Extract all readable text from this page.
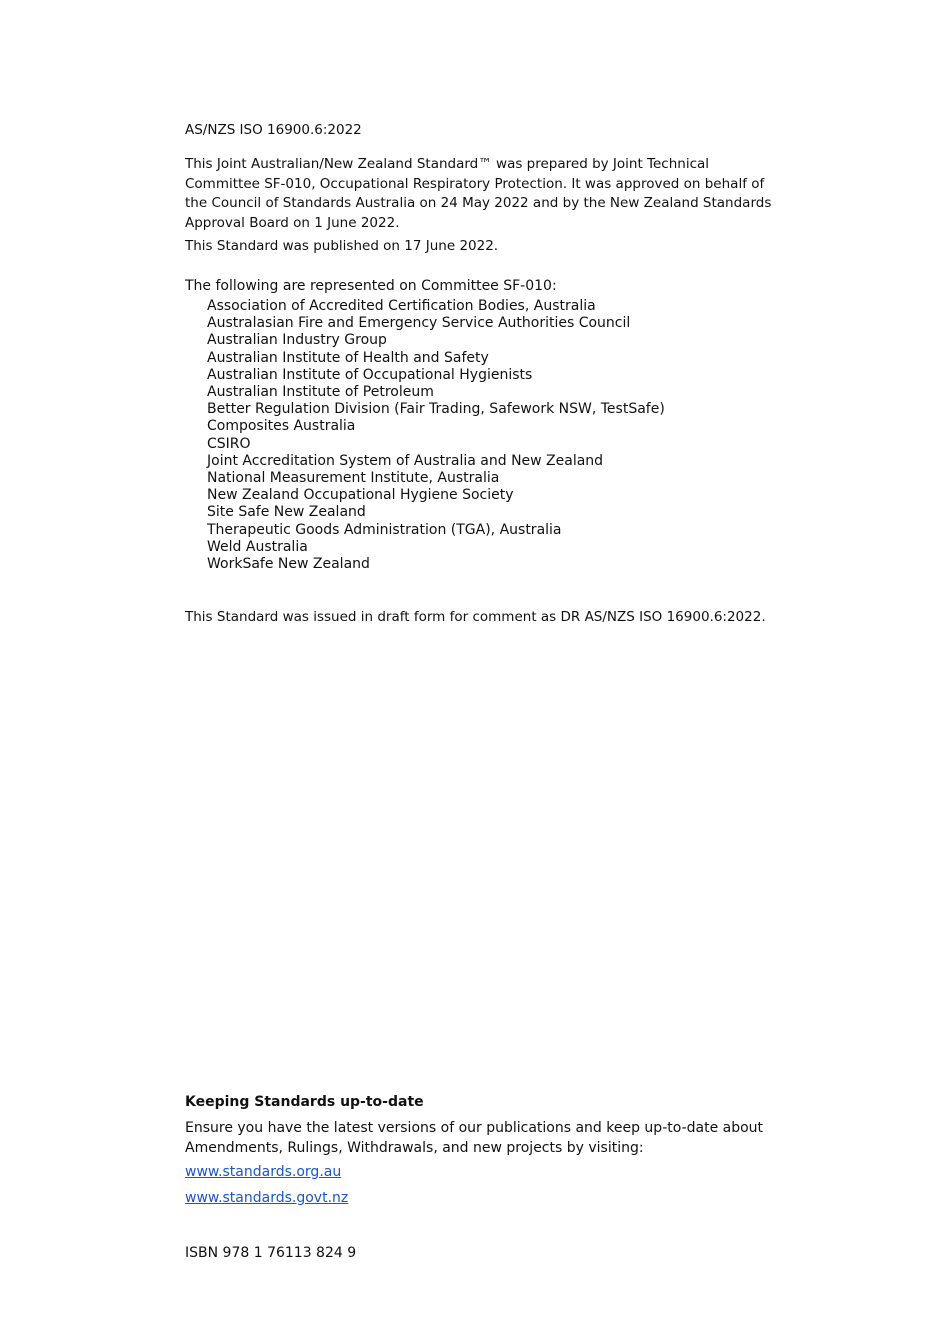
AS/NZS ISO 16900.6:2022
This Joint Australian/New Zealand Standard™ was prepared by Joint Technical Committee SF-010, Occupational Respiratory Protection. It was approved on behalf of the Council of Standards Australia on 24 May 2022 and by the New Zealand Standards Approval Board on 1 June 2022.
This Standard was published on 17 June 2022.
The following are represented on Committee SF-010:
Association of Accredited Certification Bodies, Australia
Australasian Fire and Emergency Service Authorities Council
Australian Industry Group
Australian Institute of Health and Safety
Australian Institute of Occupational Hygienists
Australian Institute of Petroleum
Better Regulation Division (Fair Trading, Safework NSW, TestSafe)
Composites Australia
CSIRO
Joint Accreditation System of Australia and New Zealand
National Measurement Institute, Australia
New Zealand Occupational Hygiene Society
Site Safe New Zealand
Therapeutic Goods Administration (TGA), Australia
Weld Australia
WorkSafe New Zealand
This Standard was issued in draft form for comment as DR AS/NZS ISO 16900.6:2022.
Keeping Standards up-to-date
Ensure you have the latest versions of our publications and keep up-to-date about Amendments, Rulings, Withdrawals, and new projects by visiting:
www.standards.org.au
www.standards.govt.nz
ISBN 978 1 76113 824 9
